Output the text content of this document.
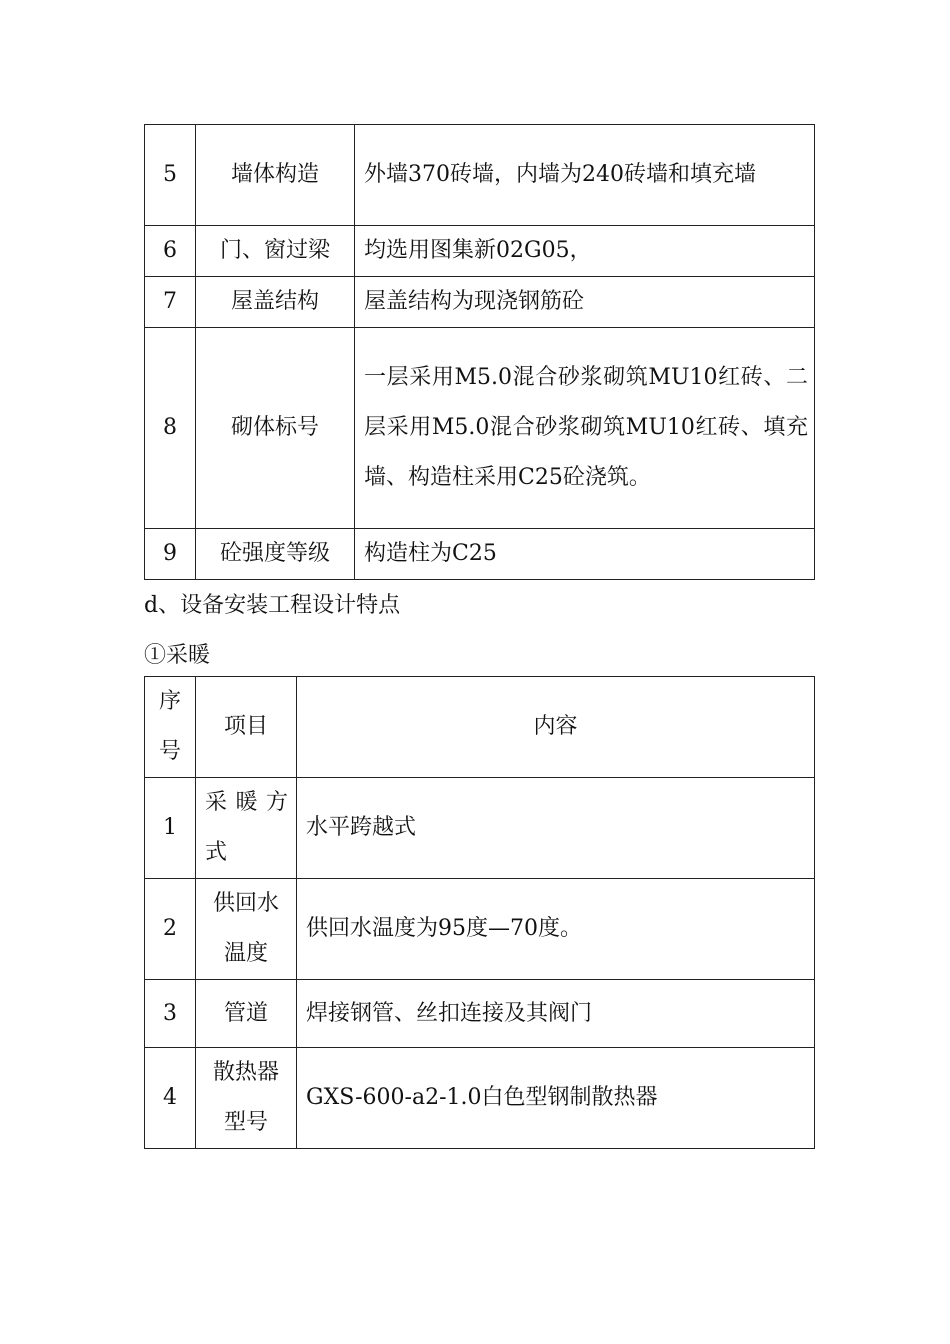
5	墙体构造	外墙370砖墙，内墙为240砖墙和填充墙
6	门、窗过梁	均选用图集新02G05，
7	屋盖结构	屋盖结构为现浇钢筋砼
8	砌体标号	一层采用M5.0混合砂浆砌筑MU10红砖、二层采用M5.0混合砂浆砌筑MU10红砖、填充墙、构造柱采用C25砼浇筑。
9	砼强度等级	构造柱为C25
d、设备安装工程设计特点
①采暖
序号	项目	内容
1	采暖方式	水平跨越式
2	供回水温度	供回水温度为95度—70度。
3	管道	焊接钢管、丝扣连接及其阀门
4	散热器型号	GXS-600-a2-1.0白色型钢制散热器
